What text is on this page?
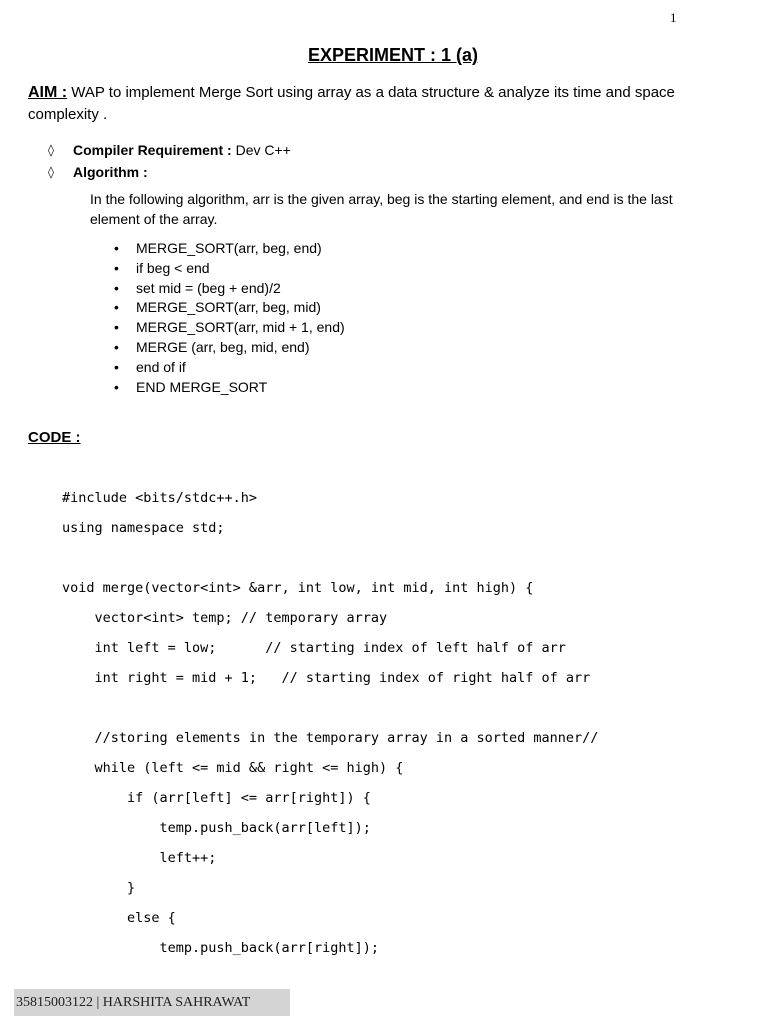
1
EXPERIMENT : 1 (a)
AIM : WAP to implement Merge Sort using array as a data structure & analyze its time and space complexity .
◊	Compiler Requirement : Dev C++
◊	Algorithm :
In the following algorithm, arr is the given array, beg is the starting element, and end is the last element of the array.
•	MERGE_SORT(arr, beg, end)
•	if beg < end
•	set mid = (beg + end)/2
•	MERGE_SORT(arr, beg, mid)
•	MERGE_SORT(arr, mid + 1, end)
•	MERGE (arr, beg, mid, end)
•	end of if
•	END MERGE_SORT
CODE :
#include <bits/stdc++.h>
using namespace std;
void merge(vector<int> &arr, int low, int mid, int high) {
vector<int> temp; // temporary array
int left = low;      // starting index of left half of arr
int right = mid + 1;   // starting index of right half of arr
//storing elements in the temporary array in a sorted manner//
while (left <= mid && right <= high) {
if (arr[left] <= arr[right]) {
temp.push_back(arr[left]);
left++;
}
else {
temp.push_back(arr[right]);
35815003122 | HARSHITA SAHRAWAT
